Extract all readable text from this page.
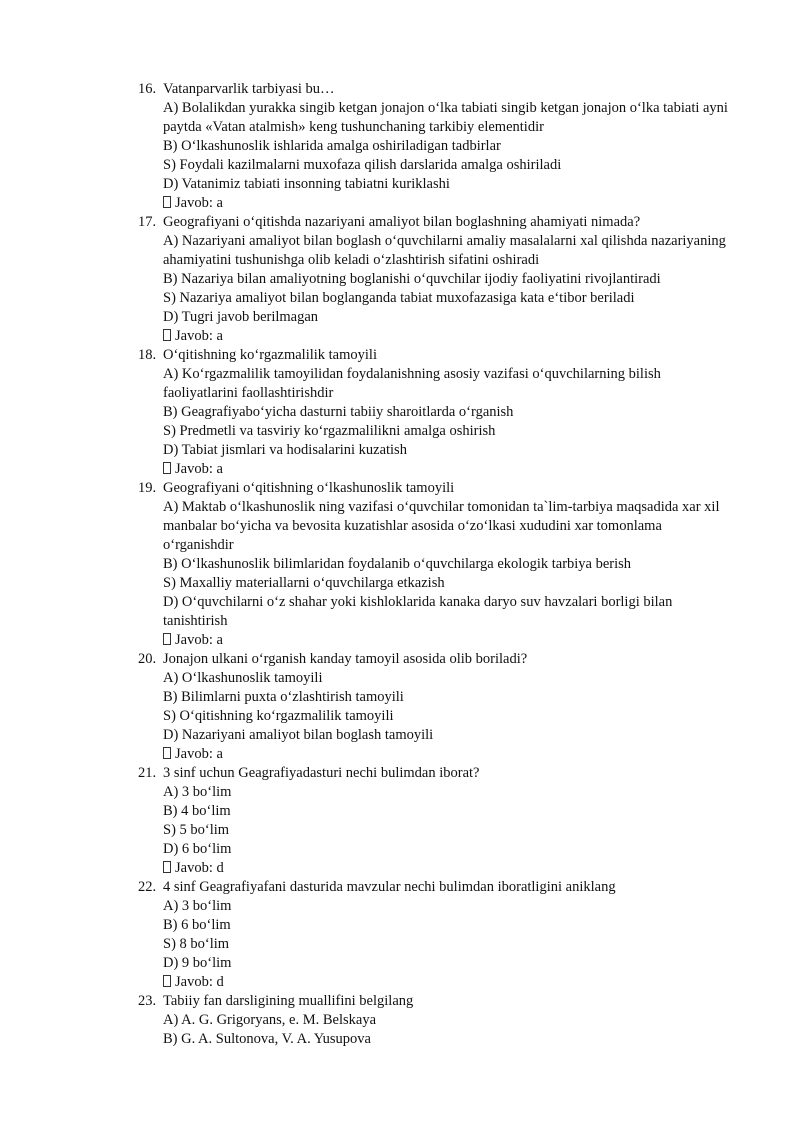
16. Vatanparvarlik tarbiyasi bu…
A) Bolalikdan yurakka singib ketgan jonajon o‘lka tabiati singib ketgan jonajon o‘lka tabiati ayni paytda «Vatan atalmish» keng tushunchaning tarkibiy elementidir
B) O‘lkashunoslik ishlarida amalga oshiriladigan tadbirlar
S) Foydali kazilmalarni muxofaza qilish darslarida amalga oshiriladi
D) Vatanimiz tabiati insonning tabiatni kuriklashi
Javob: a
17. Geografiyani o‘qitishda nazariyani amaliyot bilan boglashning ahamiyati nimada?
A) Nazariyani amaliyot bilan boglash o‘quvchilarni amaliy masalalarni xal qilishda nazariyaning ahamiyatini tushunishga olib keladi o‘zlashtirish sifatini oshiradi
B) Nazariya bilan amaliyotning boglanishi o‘quvchilar ijodiy faoliyatini rivojlantiradi
S) Nazariya amaliyot bilan boglanganda tabiat muxofazasiga kata e‘tibor beriladi
D) Tugri javob berilmagan
Javob: a
18. O‘qitishning ko‘rgazmalilik tamoyili
A) Ko‘rgazmalilik tamoyilidan foydalanishning asosiy vazifasi o‘quvchilarning bilish faoliyatlarini faollashtirishdir
B) Geagrafiyabo‘yicha dasturni tabiiy sharoitlarda o‘rganish
S) Predmetli va tasviriy ko‘rgazmalilikni amalga oshirish
D) Tabiat jismlari va hodisalarini kuzatish
Javob: a
19. Geografiyani o‘qitishning o‘lkashunoslik tamoyili
A) Maktab o‘lkashunoslik ning vazifasi o‘quvchilar tomonidan ta`lim-tarbiya maqsadida xar xil manbalar bo‘yicha va bevosita kuzatishlar asosida o‘zo‘lkasi xududini xar tomonlama o‘rganishdir
B) O‘lkashunoslik bilimlaridan foydalanib o‘quvchilarga ekologik tarbiya berish
S) Maxalliy materiallarni o‘quvchilarga etkazish
D) O‘quvchilarni o‘z shahar yoki kishloklarida kanaka daryo suv havzalari borligi bilan tanishtirish
Javob: a
20. Jonajon ulkani o‘rganish kanday tamoyil asosida olib boriladi?
A) O‘lkashunoslik tamoyili
B) Bilimlarni puxta o‘zlashtirish tamoyili
S) O‘qitishning ko‘rgazmalilik tamoyili
D) Nazariyani amaliyot bilan boglash tamoyili
Javob: a
21. 3 sinf uchun Geagrafiyadasturi nechi bulimdan iborat?
A) 3 bo‘lim
B) 4 bo‘lim
S) 5 bo‘lim
D) 6 bo‘lim
Javob: d
22. 4 sinf Geagrafiyafani dasturida mavzular nechi bulimdan iboratligini aniklang
A) 3 bo‘lim
B) 6 bo‘lim
S) 8 bo‘lim
D) 9 bo‘lim
Javob: d
23. Tabiiy fan darsligining muallifini belgilang
A) A. G. Grigoryans, e. M. Belskaya
B) G. A. Sultonova, V. A. Yusupova
